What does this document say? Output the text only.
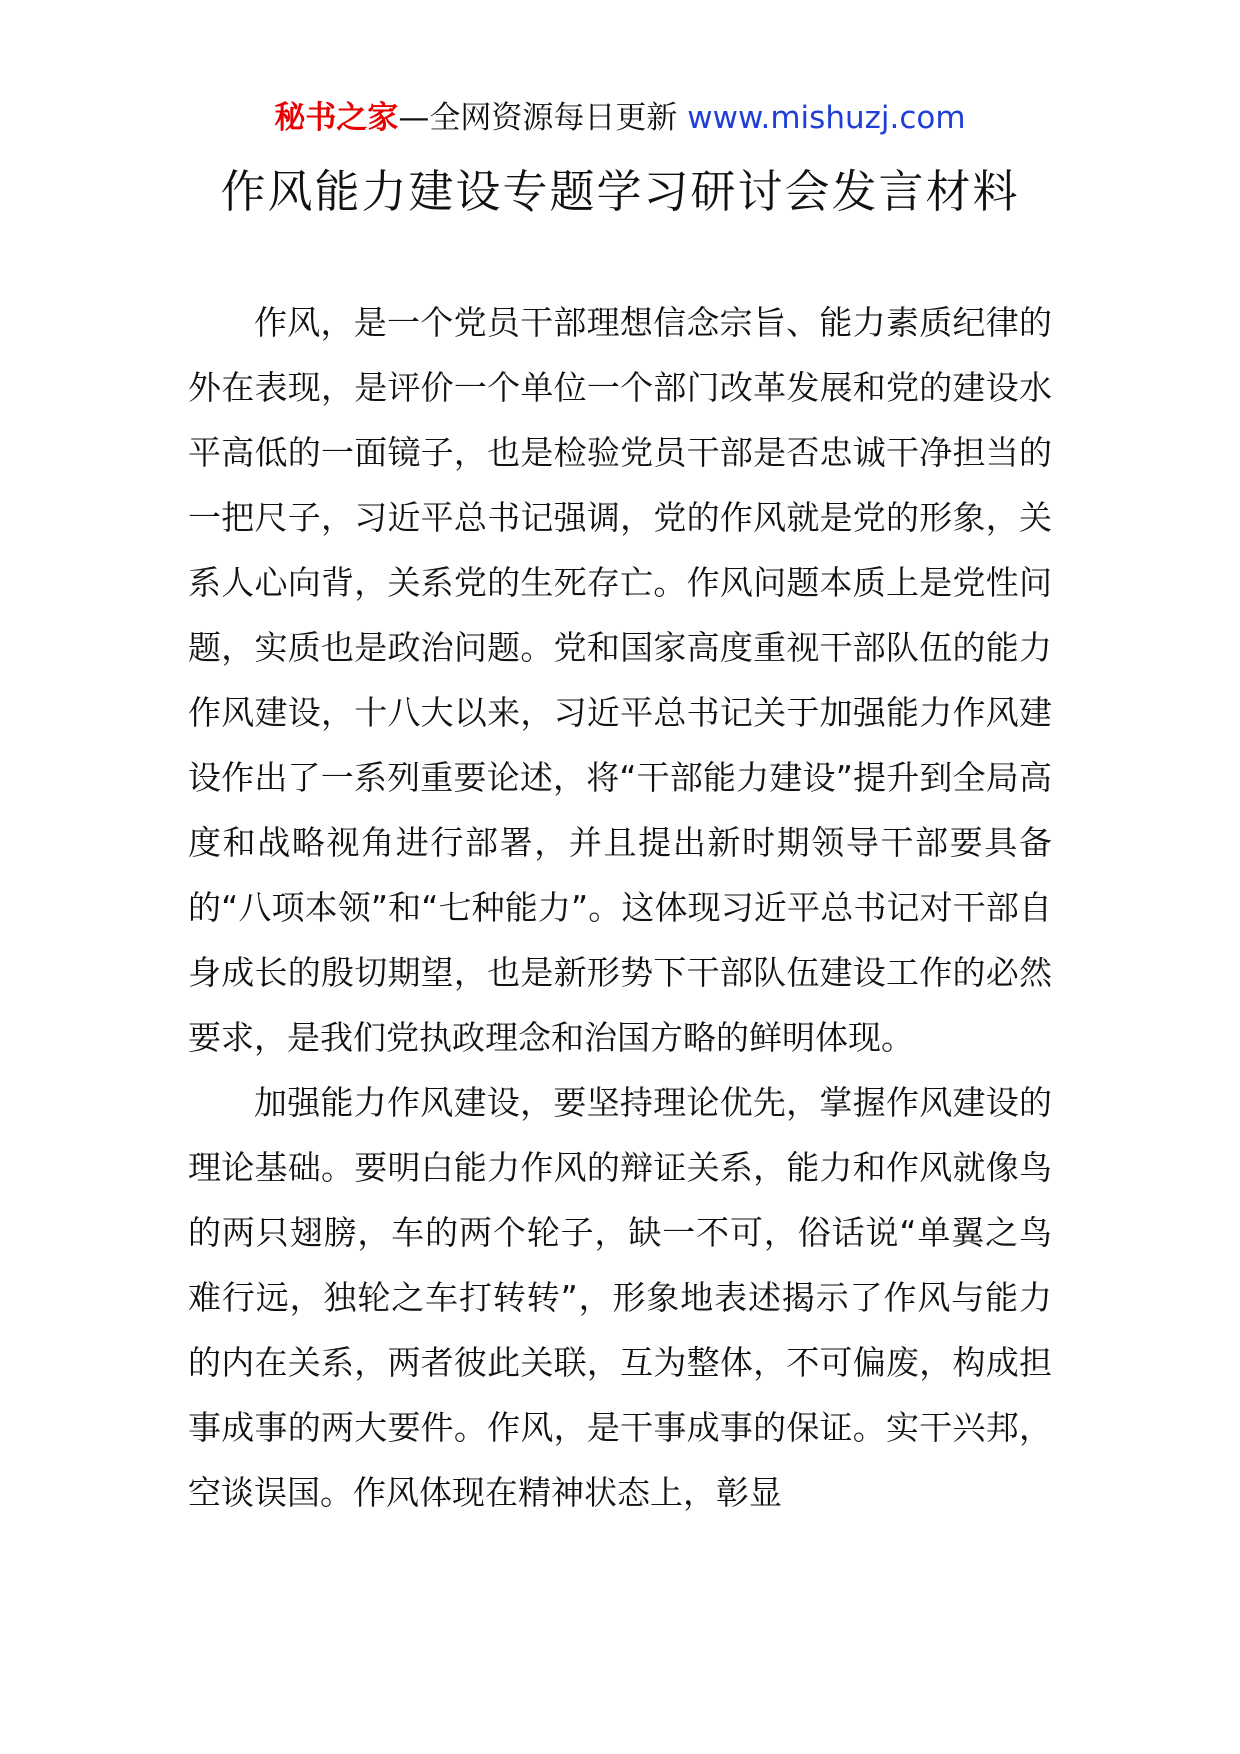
秘书之家—全网资源每日更新 www.mishuzj.com
作风能力建设专题学习研讨会发言材料

作风，是一个党员干部理想信念宗旨、能力素质纪律的外在表现，是评价一个单位一个部门改革发展和党的建设水平高低的一面镜子，也是检验党员干部是否忠诚干净担当的一把尺子，习近平总书记强调，党的作风就是党的形象，关系人心向背，关系党的生死存亡。作风问题本质上是党性问题，实质也是政治问题。党和国家高度重视干部队伍的能力作风建设，十八大以来，习近平总书记关于加强能力作风建设作出了一系列重要论述，将“干部能力建设”提升到全局高度和战略视角进行部署，并且提出新时期领导干部要具备的“八项本领”和“七种能力”。这体现习近平总书记对干部自身成长的殷切期望，也是新形势下干部队伍建设工作的必然要求，是我们党执政理念和治国方略的鲜明体现。

加强能力作风建设，要坚持理论优先，掌握作风建设的理论基础。要明白能力作风的辩证关系，能力和作风就像鸟的两只翅膀，车的两个轮子，缺一不可，俗话说“单翼之鸟难行远，独轮之车打转转”，形象地表述揭示了作风与能力的内在关系，两者彼此关联，互为整体，不可偏废，构成担事成事的两大要件。作风，是干事成事的保证。实干兴邦，空谈误国。作风体现在精神状态上，彰显
